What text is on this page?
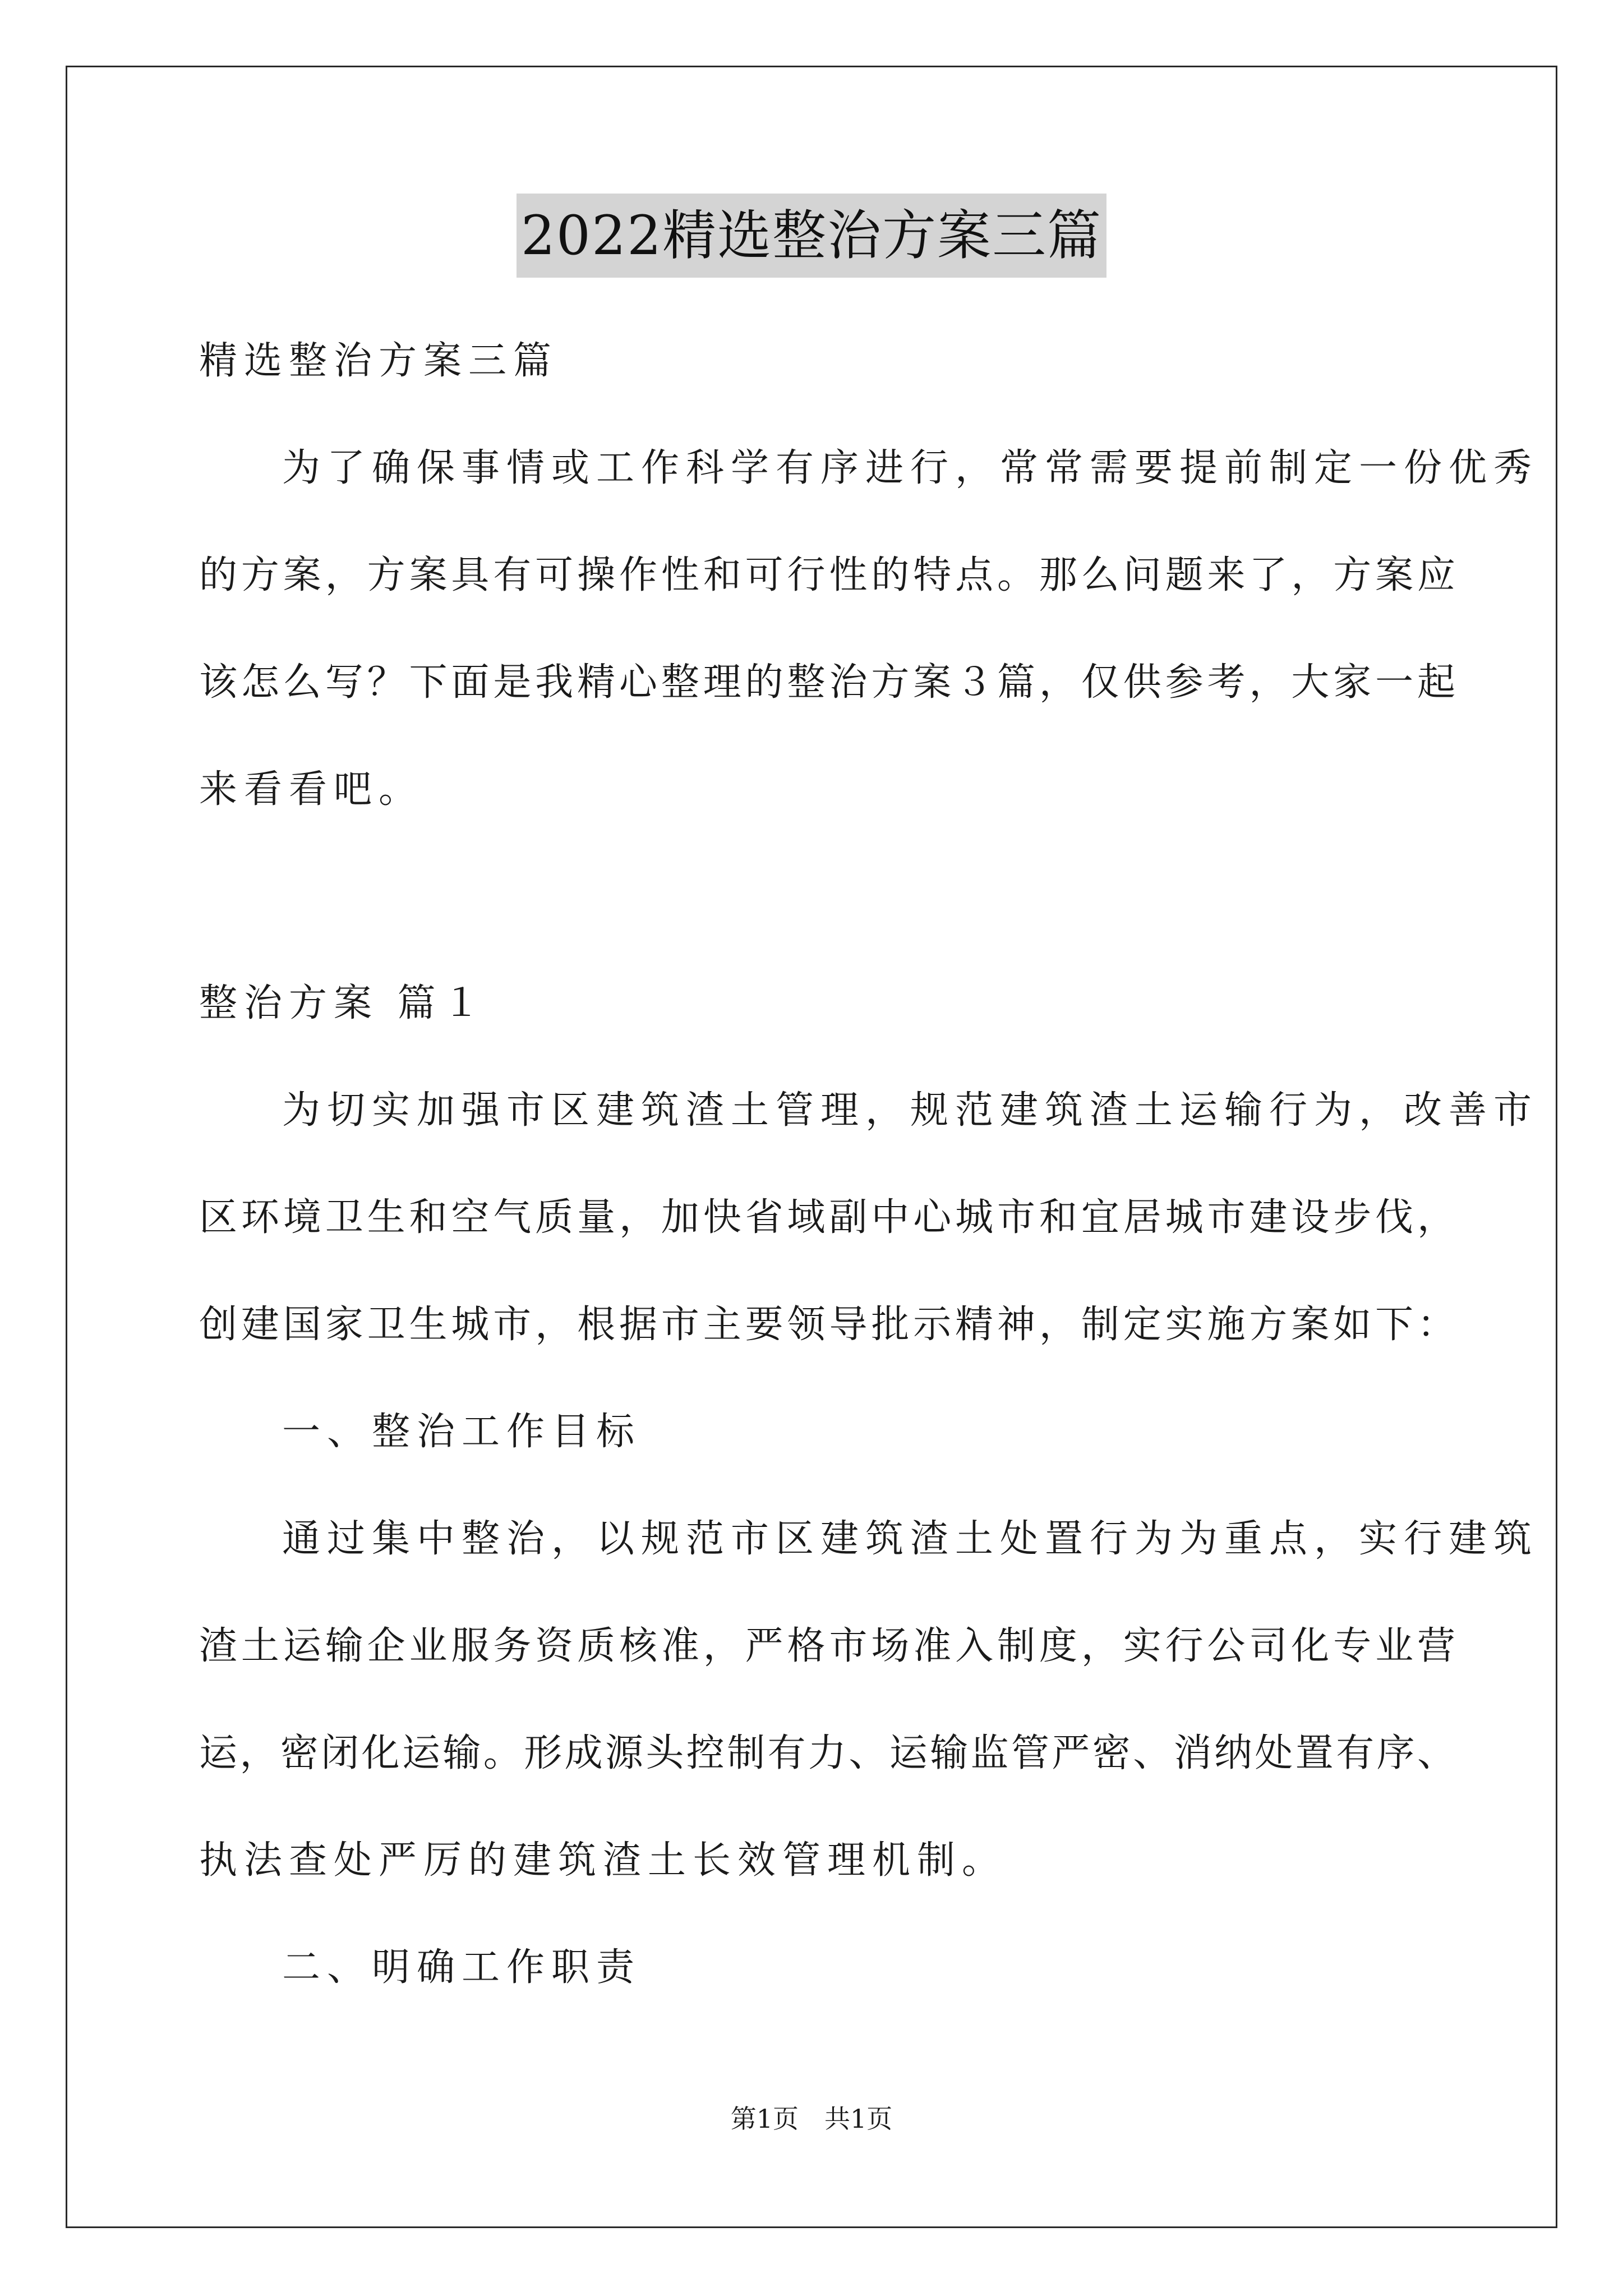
2022精选整治方案三篇
精选整治方案三篇
为了确保事情或工作科学有序进行，常常需要提前制定一份优秀
的方案，方案具有可操作性和可行性的特点。那么问题来了，方案应
该怎么写？下面是我精心整理的整治方案３篇，仅供参考，大家一起
来看看吧。
整治方案 篇１
为切实加强市区建筑渣土管理，规范建筑渣土运输行为，改善市
区环境卫生和空气质量，加快省域副中心城市和宜居城市建设步伐，
创建国家卫生城市，根据市主要领导批示精神，制定实施方案如下：
一、整治工作目标
通过集中整治，以规范市区建筑渣土处置行为为重点，实行建筑
渣土运输企业服务资质核准，严格市场准入制度，实行公司化专业营
运，密闭化运输。形成源头控制有力、运输监管严密、消纳处置有序、
执法查处严厉的建筑渣土长效管理机制。
二、明确工作职责
第1页　共1页
